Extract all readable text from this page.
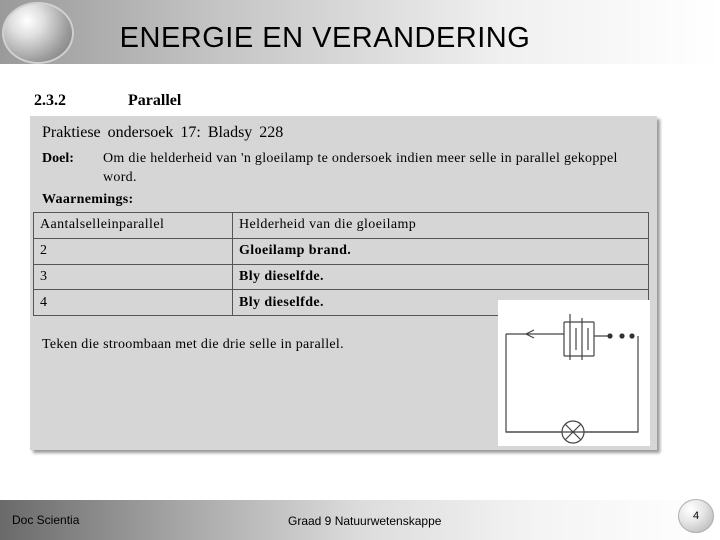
ENERGIE EN VERANDERING
2.3.2	Parallel
Praktiese ondersoek 17: Bladsy 228
Doel: Om die helderheid van 'n gloeilamp te ondersoek indien meer selle in parallel gekoppel word.
Waarnemings:
Aantalselleinparallel	Helderheid van die gloeilamp
2	Gloeilamp brand.
3	Bly dieselfde.
4	Bly dieselfde.
Teken die stroombaan met die drie selle in parallel.
Doc Scientia	Graad 9 Natuurwetenskappe	4
